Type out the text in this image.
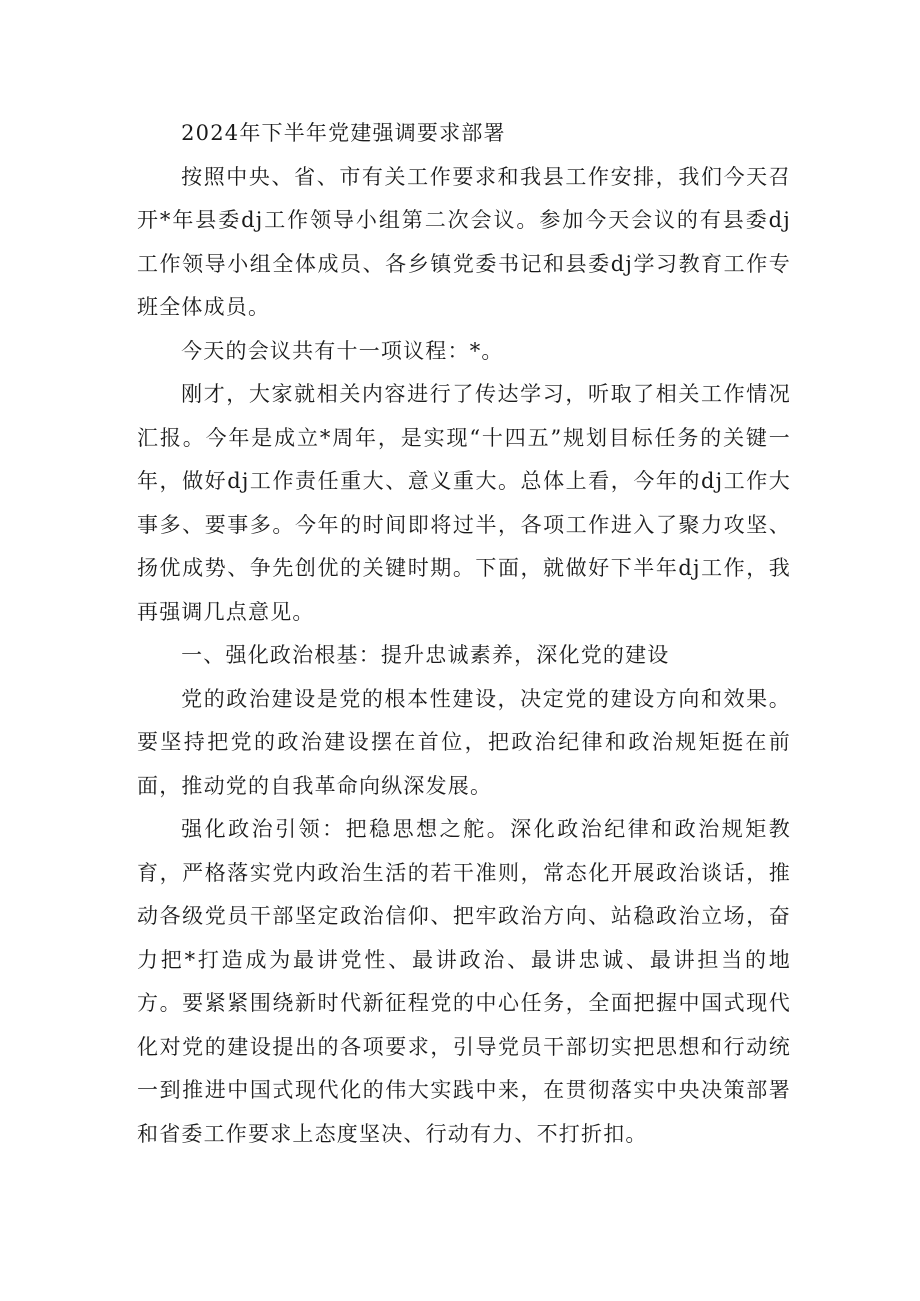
2024年下半年党建强调要求部署

按照中央、省、市有关工作要求和我县工作安排，我们今天召开*年县委dj工作领导小组第二次会议。参加今天会议的有县委dj工作领导小组全体成员、各乡镇党委书记和县委dj学习教育工作专班全体成员。

今天的会议共有十一项议程：*。

刚才，大家就相关内容进行了传达学习，听取了相关工作情况汇报。今年是成立*周年，是实现“十四五”规划目标任务的关键一年，做好dj工作责任重大、意义重大。总体上看，今年的dj工作大事多、要事多。今年的时间即将过半，各项工作进入了聚力攻坚、扬优成势、争先创优的关键时期。下面，就做好下半年dj工作，我再强调几点意见。

一、强化政治根基：提升忠诚素养，深化党的建设

党的政治建设是党的根本性建设，决定党的建设方向和效果。要坚持把党的政治建设摆在首位，把政治纪律和政治规矩挺在前面，推动党的自我革命向纵深发展。

强化政治引领：把稳思想之舵。深化政治纪律和政治规矩教育，严格落实党内政治生活的若干准则，常态化开展政治谈话，推动各级党员干部坚定政治信仰、把牢政治方向、站稳政治立场，奋力把*打造成为最讲党性、最讲政治、最讲忠诚、最讲担当的地方。要紧紧围绕新时代新征程党的中心任务，全面把握中国式现代化对党的建设提出的各项要求，引导党员干部切实把思想和行动统一到推进中国式现代化的伟大实践中来，在贯彻落实中央决策部署和省委工作要求上态度坚决、行动有力、不打折扣。
